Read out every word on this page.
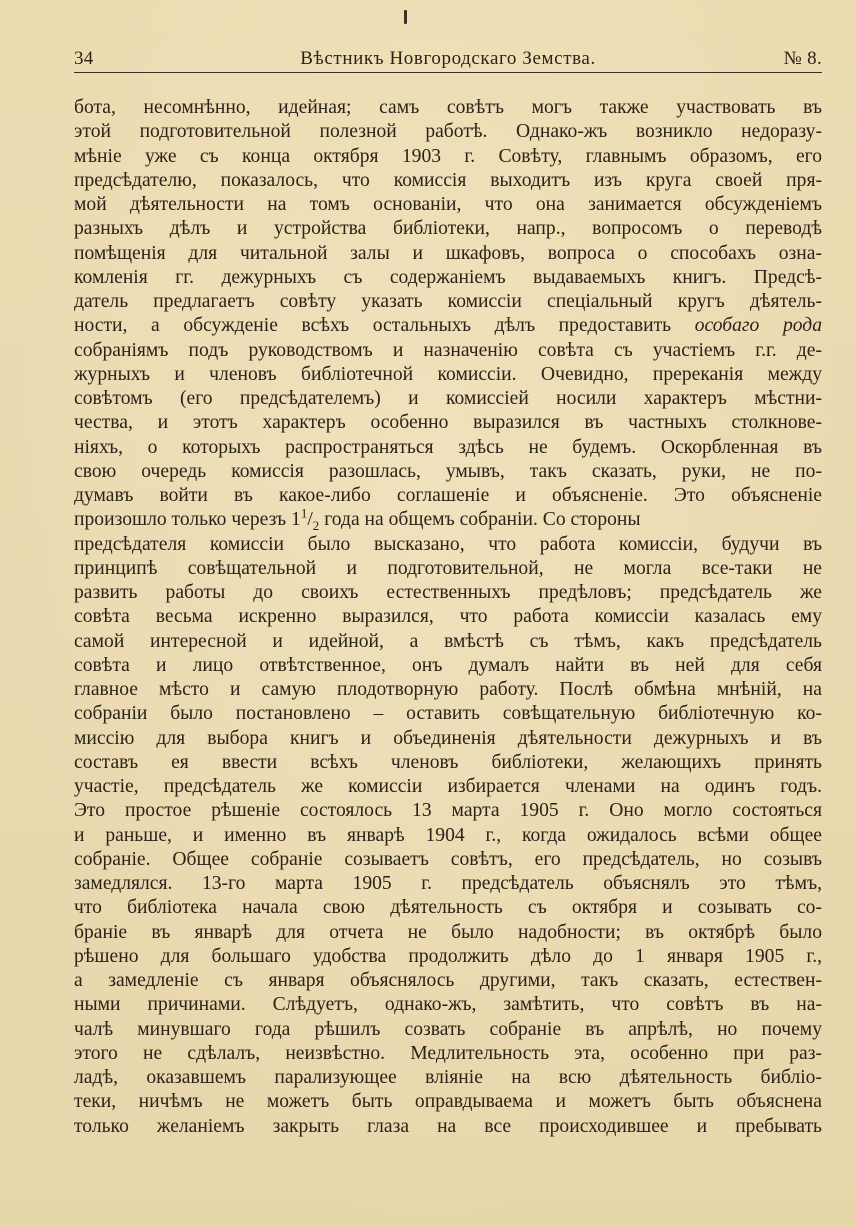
34	Вѣстникъ Новгородскаго Земства.	№ 8.
бота, несомнѣнно, идейная; самъ совѣтъ могъ также участвовать въ
этой подготовительной полезной работѣ. Однако-жъ возникло недоразу-
мѣніе уже съ конца октября 1903 г. Совѣту, главнымъ образомъ, его
предсѣдателю, показалось, что комиссія выходитъ изъ круга своей пря-
мой дѣятельности на томъ основаніи, что она занимается обсужденіемъ
разныхъ дѣлъ и устройства библіотеки, напр., вопросомъ о переводѣ
помѣщенія для читальной залы и шкафовъ, вопроса о способахъ озна-
комленія гг. дежурныхъ съ содержаніемъ выдаваемыхъ книгъ. Предсѣ-
датель предлагаетъ совѣту указать комиссіи спеціальный кругъ дѣятель-
ности, а обсужденіе всѣхъ остальныхъ дѣлъ предоставить особаго рода
собраніямъ подъ руководствомъ и назначенію совѣта съ участіемъ г.г. де-
журныхъ и членовъ библіотечной комиссіи. Очевидно, пререканія между
совѣтомъ (его предсѣдателемъ) и комиссіей носили характеръ мѣстни-
чества, и этотъ характеръ особенно выразился въ частныхъ столкнове-
ніяхъ, о которыхъ распространяться здѣсь не будемъ. Оскорбленная въ
свою очередь комиссія разошлась, умывъ, такъ сказать, руки, не по-
думавъ войти въ какое-либо соглашеніе и объясненіе. Это объясненіе
произошло только черезъ $1^1/_2$ года на общемъ собраніи. Со стороны
предсѣдателя комиссіи было высказано, что работа комиссіи, будучи въ
принципѣ совѣщательной и подготовительной, не могла все-таки не
развить работы до своихъ естественныхъ предѣловъ; предсѣдатель же
совѣта весьма искренно выразился, что работа комиссіи казалась ему
самой интересной и идейной, а вмѣстѣ съ тѣмъ, какъ предсѣдатель
совѣта и лицо отвѣтственное, онъ думалъ найти въ ней для себя
главное мѣсто и самую плодотворную работу. Послѣ обмѣна мнѣній, на
собраніи было постановлено – оставить совѣщательную библіотечную ко-
миссію для выбора книгъ и объединенія дѣятельности дежурныхъ и въ
составъ ея ввести всѣхъ членовъ библіотеки, желающихъ принять
участіе, предсѣдатель же комиссіи избирается членами на одинъ годъ.
Это простое рѣшеніе состоялось 13 марта 1905 г. Оно могло состояться
и раньше, и именно въ январѣ 1904 г., когда ожидалось всѣми общее
собраніе. Общее собраніе созываетъ совѣтъ, его предсѣдатель, но созывъ
замедлялся. 13-го марта 1905 г. предсѣдатель объяснялъ это тѣмъ,
что библіотека начала свою дѣятельность съ октября и созывать со-
браніе въ январѣ для отчета не было надобности; въ октябрѣ было
рѣшено для большаго удобства продолжить дѣло до 1 января 1905 г.,
а замедленіе съ января объяснялось другими, такъ сказать, естествен-
ными причинами. Слѣдуетъ, однако-жъ, замѣтить, что совѣтъ въ на-
чалѣ минувшаго года рѣшилъ созвать собраніе въ апрѣлѣ, но почему
этого не сдѣлалъ, неизвѣстно. Медлительность эта, особенно при раз-
ладѣ, оказавшемъ парализующее вліяніе на всю дѣятельность библіо-
теки, ничѣмъ не можетъ быть оправдываема и можетъ быть объяснена
только желаніемъ закрыть глаза на все происходившее и пребывать
